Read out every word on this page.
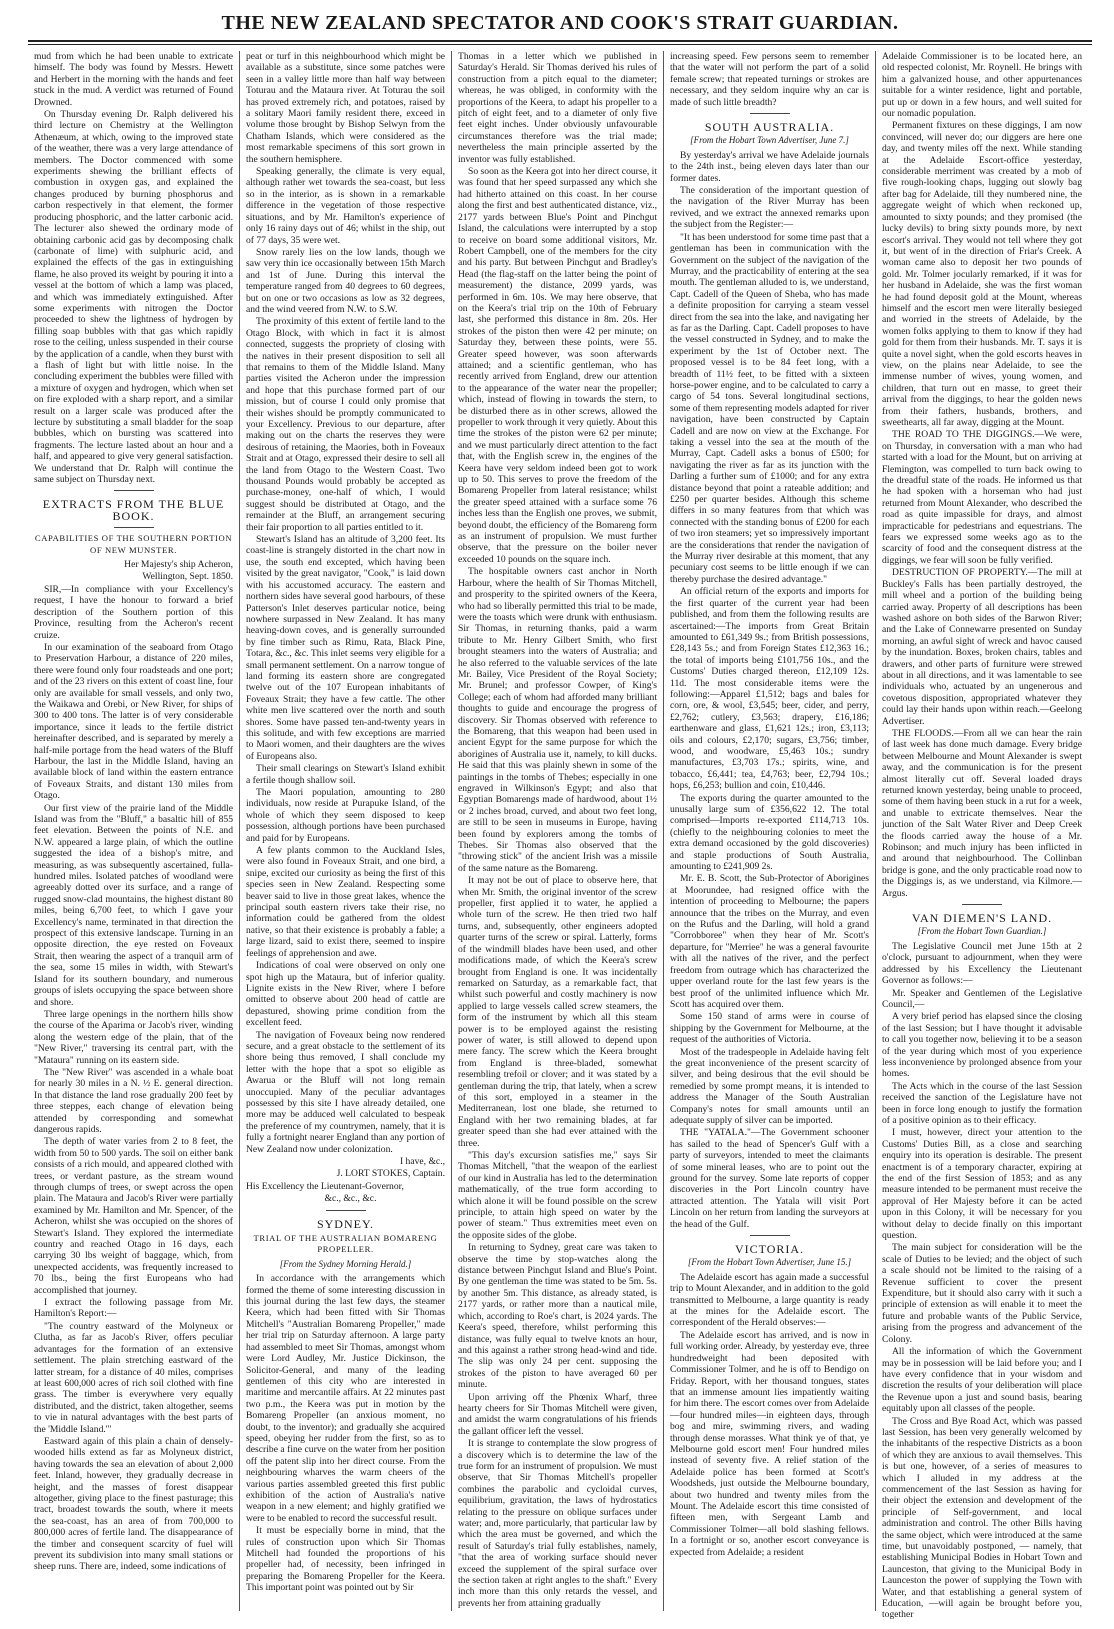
THE NEW ZEALAND SPECTATOR AND COOK'S STRAIT GUARDIAN.

mud from which he had been unable to extricate himself. The body was found by Messrs. Hewett and Herbert in the morning with the hands and feet stuck in the mud. A verdict was returned of Found Drowned.

On Thursday evening Dr. Ralph delivered his third lecture on Chemistry at the Wellington Athenæum, at which, owing to the improved state of the weather, there was a very large attendance of members. The Doctor commenced with some experiments shewing the brilliant effects of combustion in oxygen gas, and explained the changes produced by burning phosphorus and carbon respectively in that element, the former producing phosphoric, and the latter carbonic acid. The lecturer also shewed the ordinary mode of obtaining carbonic acid gas by decomposing chalk (carbonate of lime) with sulphuric acid, and explained the effects of the gas in extinguishing flame, he also proved its weight by pouring it into a vessel at the bottom of which a lamp was placed, and which was immediately extinguished. After some experiments with nitrogen the Doctor proceeded to shew the lightness of hydrogen by filling soap bubbles with that gas which rapidly rose to the ceiling, unless suspended in their course by the application of a candle, when they burst with a flash of light but with little noise. In the concluding experiment the bubbles were filled with a mixture of oxygen and hydrogen, which when set on fire exploded with a sharp report, and a similar result on a larger scale was produced after the lecture by substituting a small bladder for the soap bubbles, which on bursting was scattered into fragments. The lecture lasted about an hour and a half, and appeared to give very general satisfaction. We understand that Dr. Ralph will continue the same subject on Thursday next.

EXTRACTS FROM THE BLUE BOOK.
CAPABILITIES OF THE SOUTHERN PORTION OF NEW MUNSTER.

Her Majesty's ship Acheron,

Wellington, Sept. 1850.

SIR,—In compliance with your Excellency's request, I have the honour to forward a brief description of the Southern portion of this Province, resulting from the Acheron's recent cruize.

In our examination of the seaboard from Otago to Preservation Harbour, a distance of 220 miles, there were found only four roadsteads and one port; and of the 23 rivers on this extent of coast line, four only are available for small vessels, and only two, the Waikawa and Orebi, or New River, for ships of 300 to 400 tons. The latter is of very considerable importance, since it leads to the fertile district hereinafter described, and is separated by merely a half-mile portage from the head waters of the Bluff Harbour, the last in the Middle Island, having an available block of land within the eastern entrance of Foveaux Straits, and distant 130 miles from Otago.

Our first view of the prairie land of the Middle Island was from the "Bluff," a basaltic hill of 855 feet elevation. Between the points of N.E. and N.W. appeared a large plain, of which the outline suggested the idea of a bishop's mitre, and measuring, as was subsequently ascertained, fulla-hundred miles. Isolated patches of woodland were agreeably dotted over its surface, and a range of rugged snow-clad mountains, the highest distant 80 miles, being 6,700 feet, to which I gave your Excellency's name, terminated in that direction the prospect of this extensive landscape. Turning in an opposite direction, the eye rested on Foveaux Strait, then wearing the aspect of a tranquil arm of the sea, some 15 miles in width, with Stewart's Island for its southern boundary, and numerous groups of islets occupying the space between shore and shore.

Three large openings in the northern hills show the course of the Aparima or Jacob's river, winding along the western edge of the plain, that of the "New River," traversing its central part, with the "Mataura" running on its eastern side.

The "New River" was ascended in a whale boat for nearly 30 miles in a N. ½ E. general direction. In that distance the land rose gradually 200 feet by three steppes, each change of elevation being attended by corresponding and somewhat dangerous rapids.

The depth of water varies from 2 to 8 feet, the width from 50 to 500 yards. The soil on either bank consists of a rich mould, and appeared clothed with trees, or verdant pasture, as the stream wound through clumps of trees, or swept across the open plain. The Mataura and Jacob's River were partially examined by Mr. Hamilton and Mr. Spencer, of the Acheron, whilst she was occupied on the shores of Stewart's Island. They explored the intermediate country and reached Otago in 16 days, each carrying 30 lbs weight of baggage, which, from unexpected accidents, was frequently increased to 70 lbs., being the first Europeans who had accomplished that journey.

I extract the following passage from Mr. Hamilton's Report:—

"The country eastward of the Molyneux or Clutha, as far as Jacob's River, offers peculiar advantages for the formation of an extensive settlement. The plain stretching eastward of the latter stream, for a distance of 40 miles, comprises at least 600,000 acres of rich soil clothed with fine grass. The timber is everywhere very equally distributed, and the district, taken altogether, seems to vie in natural advantages with the best parts of the 'Middle Island.'"

Eastward again of this plain a chain of densely-wooded hills extend as far as Molyneux district, having towards the sea an elevation of about 2,000 feet. Inland, however, they gradually decrease in height, and the masses of forest disappear altogether, giving place to the finest pasturage; this tract, broadest towards the south, where it meets the sea-coast, has an area of from 700,000 to 800,000 acres of fertile land. The disappearance of the timber and consequent scarcity of fuel will prevent its subdivision into many small stations or sheep runs. There are, indeed, some indications of

peat or turf in this neighbourhood which might be available as a substitute, since some patches were seen in a valley little more than half way between Toturau and the Mataura river. At Toturau the soil has proved extremely rich, and potatoes, raised by a solitary Maori family resident there, exceed in volume those brought by Bishop Selwyn from the Chatham Islands, which were considered as the most remarkable specimens of this sort grown in the southern hemisphere.

Speaking generally, the climate is very equal, although rather wet towards the sea-coast, but less so in the interior, as is shown in a remarkable difference in the vegetation of those respective situations, and by Mr. Hamilton's experience of only 16 rainy days out of 46; whilst in the ship, out of 77 days, 35 were wet.

Snow rarely lies on the low lands, though we saw very thin ice occasionally between 15th March and 1st of June. During this interval the temperature ranged from 40 degrees to 60 degrees, but on one or two occasions as low as 32 degrees, and the wind veered from N.W. to S.W.

The proximity of this extent of fertile land to the Otago Block, with which in fact it is almost connected, suggests the propriety of closing with the natives in their present disposition to sell all that remains to them of the Middle Island. Many parties visited the Acheron under the impression and hope that this purchase formed part of our mission, but of course I could only promise that their wishes should be promptly communicated to your Excellency. Previous to our departure, after making out on the charts the reserves they were desirous of retaining, the Maories, both in Foveaux Strait and at Otago, expressed their desire to sell all the land from Otago to the Western Coast. Two thousand Pounds would probably be accepted as purchase-money, one-half of which, I would suggest should be distributed at Otago, and the remainder at the Bluff, an arrangement securing their fair proportion to all parties entitled to it.

Stewart's Island has an altitude of 3,200 feet. Its coast-line is strangely distorted in the chart now in use, the south end excepted, which having been visited by the great navigator, "Cook," is laid down with his accustomed accuracy. The eastern and northern sides have several good harbours, of these Patterson's Inlet deserves particular notice, being nowhere surpassed in New Zealand. It has many heaving-down coves, and is generally surrounded by fine timber such as Rimu, Rata, Black Pine, Totara, &c., &c. This inlet seems very eligible for a small permanent settlement. On a narrow tongue of land forming its eastern shore are congregated twelve out of the 107 European inhabitants of Foveaux Strait; they have a few cattle. The other white men live scattered over the north and south shores. Some have passed ten-and-twenty years in this solitude, and with few exceptions are married to Maori women, and their daughters are the wives of Europeans also.

Their small clearings on Stewart's Island exhibit a fertile though shallow soil.

The Maori population, amounting to 280 individuals, now reside at Purapuke Island, of the whole of which they seem disposed to keep possession, although portions have been purchased and paid for by Europeans.

A few plants common to the Auckland Isles, were also found in Foveaux Strait, and one bird, a snipe, excited our curiosity as being the first of this species seen in New Zealand. Respecting some beaver said to live in those great lakes, whence the principal south eastern rivers take their rise, no information could be gathered from the oldest native, so that their existence is probably a fable; a large lizard, said to exist there, seemed to inspire feelings of apprehension and awe.

Indications of coal were observed on only one spot high up the Mataura, but of inferior quality. Lignite exists in the New River, where I before omitted to observe about 200 head of cattle are depastured, showing prime condition from the excellent feed.

The navigation of Foveaux being now rendered secure, and a great obstacle to the settlement of its shore being thus removed, I shall conclude my letter with the hope that a spot so eligible as Awarua or the Bluff will not long remain unoccupied. Many of the peculiar advantages possessed by this site I have already detailed, one more may be adduced well calculated to bespeak the preference of my countrymen, namely, that it is fully a fortnight nearer England than any portion of New Zealand now under colonization.

I have, &c.,

J. LORT STOKES, Captain.

His Excellency the Lieutenant-Governor,

&c., &c., &c.

SYDNEY.
TRIAL OF THE AUSTRALIAN BOMARENG PROPELLER.
[From the Sydney Morning Herald.]

In accordance with the arrangements which formed the theme of some interesting discussion in this journal during the last few days, the steamer Keera, which had been fitted with Sir Thomas Mitchell's "Australian Bomareng Propeller," made her trial trip on Saturday afternoon. A large party had assembled to meet Sir Thomas, amongst whom were Lord Audley, Mr. Justice Dickinson, the Solicitor-General, and many of the leading gentlemen of this city who are interested in maritime and mercantile affairs. At 22 minutes past two p.m., the Keera was put in motion by the Bomareng Propeller (an anxious moment, no doubt, to the inventor); and gradually she acquired speed, obeying her rudder from the first, so as to describe a fine curve on the water from her position off the patent slip into her direct course. From the neighbouring wharves the warm cheers of the various parties assembled greeted this first public exhibition of the action of Australia's native weapon in a new element; and highly gratified we were to be enabled to record the successful result.

It must be especially borne in mind, that the rules of construction upon which Sir Thomas Mitchell had founded the proportions of his propeller had, of necessity, been infringed in preparing the Bomareng Propeller for the Keera. This important point was pointed out by Sir

Thomas in a letter which we published in Saturday's Herald. Sir Thomas derived his rules of construction from a pitch equal to the diameter; whereas, he was obliged, in conformity with the proportions of the Keera, to adapt his propeller to a pitch of eight feet, and to a diameter of only five feet eight inches. Under obviously unfavourable circumstances therefore was the trial made; nevertheless the main principle asserted by the inventor was fully established.

So soon as the Keera got into her direct course, it was found that her speed surpassed any which she had hitherto attained on this coast. In her course along the first and best authenticated distance, viz., 2177 yards between Blue's Point and Pinchgut Island, the calculations were interrupted by a stop to receive on board some additional visitors, Mr. Robert Campbell, one of the members for the city and his party. But between Pinchgut and Bradley's Head (the flag-staff on the latter being the point of measurement) the distance, 2099 yards, was performed in 6m. 10s. We may here observe, that on the Keera's trial trip on the 10th of February last, she performed this distance in 8m. 20s. Her strokes of the piston then were 42 per minute; on Saturday they, between these points, were 55. Greater speed however, was soon afterwards attained; and a scientific gentleman, who has recently arrived from England, drew our attention to the appearance of the water near the propeller; which, instead of flowing in towards the stern, to be disturbed there as in other screws, allowed the propeller to work through it very quietly. About this time the strokes of the piston were 62 per minute; and we must particularly direct attention to the fact that, with the English screw in, the engines of the Keera have very seldom indeed been got to work up to 50. This serves to prove the freedom of the Bomareng Propeller from lateral resistance; whilst the greater speed attained with a surface some 76 inches less than the English one proves, we submit, beyond doubt, the efficiency of the Bomareng form as an instrument of propulsion. We must further observe, that the pressure on the boiler never exceeded 10 pounds on the square inch.

The hospitable owners cast anchor in North Harbour, where the health of Sir Thomas Mitchell, and prosperity to the spirited owners of the Keera, who had so liberally permitted this trial to be made, were the toasts which were drunk with enthusiasm. Sir Thomas, in returning thanks, paid a warm tribute to Mr. Henry Gilbert Smith, who first brought steamers into the waters of Australia; and he also referred to the valuable services of the late Mr. Bailey, Vice President of the Royal Society; Mr. Brunel; and professor Cowper, of King's College; each of whom had afforded many brilliant thoughts to guide and encourage the progress of discovery. Sir Thomas observed with reference to the Bomareng, that this weapon had been used in ancient Egypt for the same purpose for which the aborigines of Australia use it, namely, to kill ducks. He said that this was plainly shewn in some of the paintings in the tombs of Thebes; especially in one engraved in Wilkinson's Egypt; and also that Egyptian Bomarengs made of hardwood, about 1½ or 2 inches broad, curved, and about two feet long, are still to be seen in museums in Europe, having been found by explorers among the tombs of Thebes. Sir Thomas also observed that the "throwing stick" of the ancient Irish was a missile of the same nature as the Bomareng.

It may not be out of place to observe here, that when Mr. Smith, the original inventor of the screw propeller, first applied it to water, he applied a whole turn of the screw. He then tried two half turns, and, subsequently, other engineers adopted quarter turns of the screw or spiral. Latterly, forms of the windmill blades have been used, and other modifications made, of which the Keera's screw brought from England is one. It was incidentally remarked on Saturday, as a remarkable fact, that whilst such powerful and costly machinery is now applied to large vessels called screw steamers, the form of the instrument by which all this steam power is to be employed against the resisting power of water, is still allowed to depend upon mere fancy. The screw which the Keera brought from England is three-bladed, somewhat resembling trefoil or clover; and it was stated by a gentleman during the trip, that lately, when a screw of this sort, employed in a steamer in the Mediterranean, lost one blade, she returned to England with her two remaining blades, at far greater speed than she had ever attained with the three.

"This day's excursion satisfies me," says Sir Thomas Mitchell, "that the weapon of the earliest of our kind in Australia has led to the determination mathematically, of the true form according to which alone it will be found possible on the screw principle, to attain high speed on water by the power of steam." Thus extremities meet even on the opposite sides of the globe.

In returning to Sydney, great care was taken to observe the time by stop-watches along the distance between Pinchgut Island and Blue's Point. By one gentleman the time was stated to be 5m. 5s. by another 5m. This distance, as already stated, is 2177 yards, or rather more than a nautical mile, which, according to Roe's chart, is 2024 yards. The Keera's speed, therefore, whilst performing this distance, was fully equal to twelve knots an hour, and this against a rather strong head-wind and tide. The slip was only 24 per cent. supposing the strokes of the piston to have averaged 60 per minute.

Upon arriving off the Phœnix Wharf, three hearty cheers for Sir Thomas Mitchell were given, and amidst the warm congratulations of his friends the gallant officer left the vessel.

It is strange to contemplate the slow progress of a discovery which is to determine the law of the true form for an instrument of propulsion. We must observe, that Sir Thomas Mitchell's propeller combines the parabolic and cycloidal curves, equilibrium, gravitation, the laws of hydrostatics relating to the pressure on oblique surfaces under water; and, more particularly, that particular law by which the area must be governed, and which the result of Saturday's trial fully establishes, namely, "that the area of working surface should never exceed the supplement of the spiral surface over the section taken at right angles to the shaft." Every inch more than this only retards the vessel, and prevents her from attaining gradually

increasing speed. Few persons seem to remember that the water will not perform the part of a solid female screw; that repeated turnings or strokes are necessary, and they seldom inquire why an car is made of such little breadth?

SOUTH AUSTRALIA.
[From the Hobart Town Advertiser, June 7.]

By yesterday's arrival we have Adelaide journals to the 24th inst., being eleven days later than our former dates.

The consideration of the important question of the navigation of the River Murray has been revived, and we extract the annexed remarks upon the subject from the Register:—

"It has been understood for some time past that a gentleman has been in communication with the Government on the subject of the navigation of the Murray, and the practicability of entering at the sea mouth. The gentleman alluded to is, we understand, Capt. Cadell of the Queen of Sheba, who has made a definite proposition for carrying a steam vessel direct from the sea into the lake, and navigating her as far as the Darling. Capt. Cadell proposes to have the vessel constructed in Sydney, and to make the experiment by the 1st of October next. The proposed vessel is to be 84 feet long, with a breadth of 11½ feet, to be fitted with a sixteen horse-power engine, and to be calculated to carry a cargo of 54 tons. Several longitudinal sections, some of them representing models adapted for river navigation, have been constructed by Captain Cadell and are now on view at the Exchange. For taking a vessel into the sea at the mouth of the Murray, Capt. Cadell asks a bonus of £500; for navigating the river as far as its junction with the Darling a further sum of £1000; and for any extra distance beyond that point a rateable addition; and £250 per quarter besides. Although this scheme differs in so many features from that which was connected with the standing bonus of £200 for each of two iron steamers; yet so impressively important are the considerations that render the navigation of the Murray river desirable at this moment, that any pecuniary cost seems to be little enough if we can thereby purchase the desired advantage."

An official return of the exports and imports for the first quarter of the current year had been published, and from them the following results are ascertained:—The imports from Great Britain amounted to £61,349 9s.; from British possessions, £28,143 5s.; and from Foreign States £12,363 16.; the total of imports being £101,756 10s., and the Customs' Duties charged thereon, £12,109 12s. 11d. The most considerable items were the following:—Apparel £1,512; bags and bales for corn, ore, & wool, £3,545; beer, cider, and perry, £2,762; cutlery, £3,563; drapery, £16,186; earthenware and glass, £1,621 12s.; iron, £3,113; oils and colours, £2,170; sugars, £3,756; timber, wood, and woodware, £5,463 10s.; sundry manufactures, £3,703 17s.; spirits, wine, and tobacco, £6,441; tea, £4,763; beer, £2,794 10s.; hops, £6,253; bullion and coin, £10,446.

The exports during the quarter amounted to the unusally large sum of £356,622 12. The total comprised—Imports re-exported £114,713 10s. (chiefly to the neighbouring colonies to meet the extra demand occasioned by the gold discoveries) and staple productions of South Australia, amounting to £241,909 2s.

Mr. E. B. Scott, the Sub-Protector of Aborigines at Moorundee, had resigned office with the intention of proceeding to Melbourne; the papers announce that the tribes on the Murray, and even on the Rufus and the Darling, will hold a grand "Corrobboree" when they hear of Mr. Scott's departure, for "Merriee" he was a general favourite with all the natives of the river, and the perfect freedom from outrage which has characterized the upper overland route for the last few years is the best proof of the unlimited influence which Mr. Scott has acquired over them.

Some 150 stand of arms were in course of shipping by the Government for Melbourne, at the request of the authorities of Victoria.

Most of the tradespeople in Adelaide having felt the great inconvenience of the present scarcity of silver, and being desirous that the evil should be remedied by some prompt means, it is intended to address the Manager of the South Australian Company's notes for small amounts until an adequate supply of silver can be imported.

THE "YATALA."—The Government schooner has sailed to the head of Spencer's Gulf with a party of surveyors, intended to meet the claimants of some mineral leases, who are to point out the ground for the survey. Some late reports of copper discoveries in the Port Lincoln country have attracted attention. The Yatala will visit Port Lincoln on her return from landing the surveyors at the head of the Gulf.

VICTORIA.
[From the Hobart Town Advertiser, June 15.]

The Adelaide escort has again made a successful trip to Mount Alexander, and in addition to the gold transmitted to Melbourne, a large quantity is ready at the mines for the Adelaide escort. The correspondent of the Herald observes:—

The Adelaide escort has arrived, and is now in full working order. Already, by yesterday eve, three hundredweight had been deposited with Commissioner Tolmer, and he is off to Bendigo on Friday. Report, with her thousand tongues, states that an immense amount lies impatiently waiting for him there. The escort comes over from Adelaide—four hundred miles—in eighteen days, through bog and mire, swimming rivers, and wading through dense morasses. What think ye of that, ye Melbourne gold escort men! Four hundred miles instead of seventy five. A relief station of the Adelaide police has been formed at Scott's Woodsheds, just outside the Melbourne boundary, about two hundred and twenty miles from the Mount. The Adelaide escort this time consisted of fifteen men, with Sergeant Lamb and Commissioner Tolmer—all bold slashing fellows. In a fortnight or so, another escort conveyance is expected from Adelaide; a resident

Adelaide Commissioner is to be located here, an old respected colonist, Mr. Roynell. He brings with him a galvanized house, and other appurtenances suitable for a winter residence, light and portable, put up or down in a few hours, and well suited for our nomadic population.

Permanent fixtures on these diggings, I am now convinced, will never do; our diggers are here one day, and twenty miles off the next. While standing at the Adelaide Escort-office yesterday, considerable merriment was created by a mob of five rough-looking chaps, lugging out slowly bag after bag for Adelaide, till they numbered nine, the aggregate weight of which when reckoned up, amounted to sixty pounds; and they promised (the lucky devils) to bring sixty pounds more, by next escort's arrival. They would not tell where they got it, but went of in the direction of Friar's Creek. A woman came also to deposit her two pounds of gold. Mr. Tolmer jocularly remarked, if it was for her husband in Adelaide, she was the first woman he had found deposit gold at the Mount, whereas himself and the escort men were literally besieged and worried in the streets of Adelaide, by the women folks applying to them to know if they had gold for them from their husbands. Mr. T. says it is quite a novel sight, when the gold escorts heaves in view, on the plains near Adelaide, to see the immense number of wives, young women, and children, that turn out en masse, to greet their arrival from the diggings, to hear the golden news from their fathers, husbands, brothers, and sweethearts, all far away, digging at the Mount.

THE ROAD TO THE DIGGINGS.—We were, on Thursday, in conversation with a man who had started with a load for the Mount, but on arriving at Flemington, was compelled to turn back owing to the dreadful state of the roads. He informed us that he had spoken with a horseman who had just returned from Mount Alexander, who described the road as quite impassible for drays, and almost impracticable for pedestrians and equestrians. The fears we expressed some weeks ago as to the scarcity of food and the consequent distress at the diggings, we fear will soon be fully verified.

DESTRUCTION OF PROPERTY.—The mill at Buckley's Falls has been partially destroyed, the mill wheel and a portion of the building being carried away. Property of all descriptions has been washed ashore on both sides of the Barwon River; and the Lake of Connewarre presented on Sunday morning, an awful sight of wreck and havoc caused by the inundation. Boxes, broken chairs, tables and drawers, and other parts of furniture were strewed about in all directions, and it was lamentable to see individuals who, actuated by an ungenerous and covetous disposition, appropriated whatever they could lay their hands upon within reach.—Geelong Advertiser.

THE FLOODS.—From all we can hear the rain of last week has done much damage. Every bridge between Melbourne and Mount Alexander is swept away, and the communication is for the present almost literally cut off. Several loaded drays returned known yesterday, being unable to proceed, some of them having been stuck in a rut for a week, and unable to extricate themselves. Near the junction of the Salt Water River and Deep Creek the floods carried away the house of a Mr. Robinson; and much injury has been inflicted in and around that neighbourhood. The Collinban bridge is gone, and the only practicable road now to the Diggings is, as we understand, via Kilmore.—Argus.

VAN DIEMEN'S LAND.
[From the Hobart Town Guardian.]

The Legislative Council met June 15th at 2 o'clock, pursuant to adjournment, when they were addressed by his Excellency the Lieutenant Governor as follows:—

Mr. Speaker and Gentlemen of the Legislative Council,—

A very brief period has elapsed since the closing of the last Session; but I have thought it advisable to call you together now, believing it to be a season of the year during which most of you experience less inconvenience by prolonged absence from your homes.

The Acts which in the course of the last Session received the sanction of the Legislature have not been in force long enough to justify the formation of a positive opinion as to their efficacy.

I must, however, direct your attention to the Customs' Duties Bill, as a close and searching enquiry into its operation is desirable. The present enactment is of a temporary character, expiring at the end of the first Session of 1853; and as any measure intended to be permanent must receive the approval of Her Majesty before it can be acted upon in this Colony, it will be necessary for you without delay to decide finally on this important question.

The main subject for consideration will be the scale of Duties to be levied; and the object of such a scale should not be limited to the raising of a Revenue sufficient to cover the present Expenditure, but it should also carry with it such a principle of extension as will enable it to meet the future and probable wants of the Public Service, arising from the progress and advancement of the Colony.

All the information of which the Government may be in possession will be laid before you; and I have every confidence that in your wisdom and discretion the results of your deliberation will place the Revenue upon a just and sound basis, bearing equitably upon all classes of the people.

The Cross and Bye Road Act, which was passed last Session, has been very generally welcomed by the inhabitants of the respective Districts as a boon of which they are anxious to avail themselves. This is but one, however, of a series of measures to which I alluded in my address at the commencement of the last Session as having for their object the extension and development of the principle of Self-government, and local administration and control. The other Bills having the same object, which were introduced at the same time, but unavoidably postponed, — namely, that establishing Municipal Bodies in Hobart Town and Launceston, that giving to the Municipal Body in Launceston the power of supplying the Town with Water, and that establishing a general system of Education, —will again be brought before you, together
